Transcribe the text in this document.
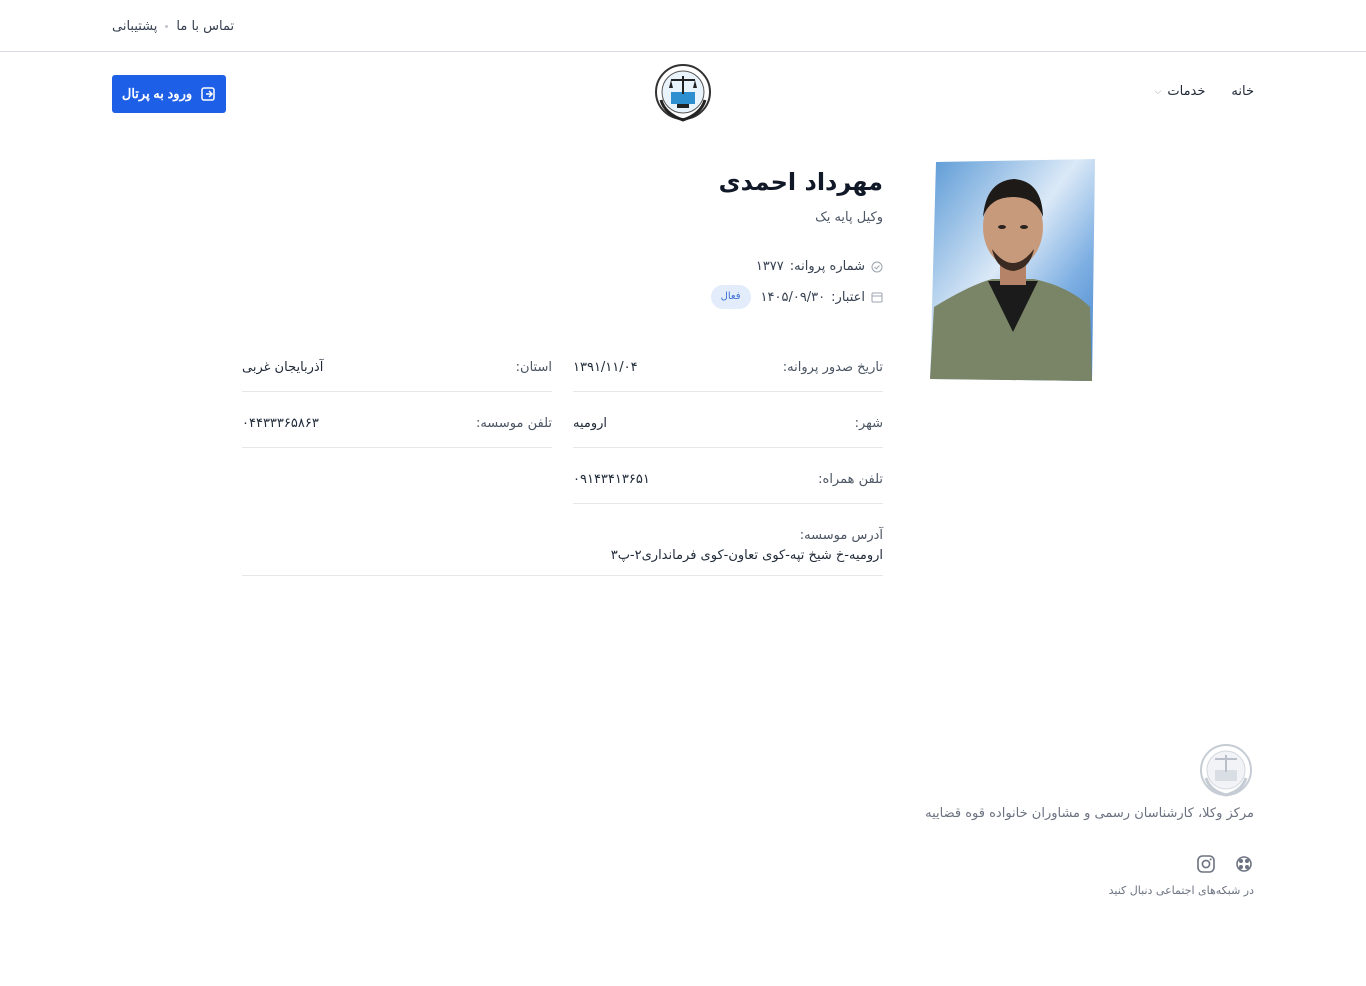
پشتیبانی تماس با ما
خانه
خدمات
⌵
ورود به پرتال
مهرداد احمدی
وکیل پایه یک
شماره پروانه:
۱۳۷۷
اعتبار:
۱۴۰۵/۰۹/۳۰
فعال
تاریخ صدور پروانه:
۱۳۹۱/۱۱/۰۴
استان:
آذربایجان غربی
شهر:
ارومیه
تلفن موسسه:
۰۴۴۳۳۳۶۵۸۶۳
تلفن همراه:
۰۹۱۴۳۴۱۳۶۵۱
آدرس موسسه:
ارومیه-خ شیخ تپه-کوی تعاون-کوی فرمانداری۲-پ۳
مرکز وکلا، کارشناسان رسمی و مشاوران خانواده قوه قضاییه
در شبکه‌های اجتماعی دنبال کنید
